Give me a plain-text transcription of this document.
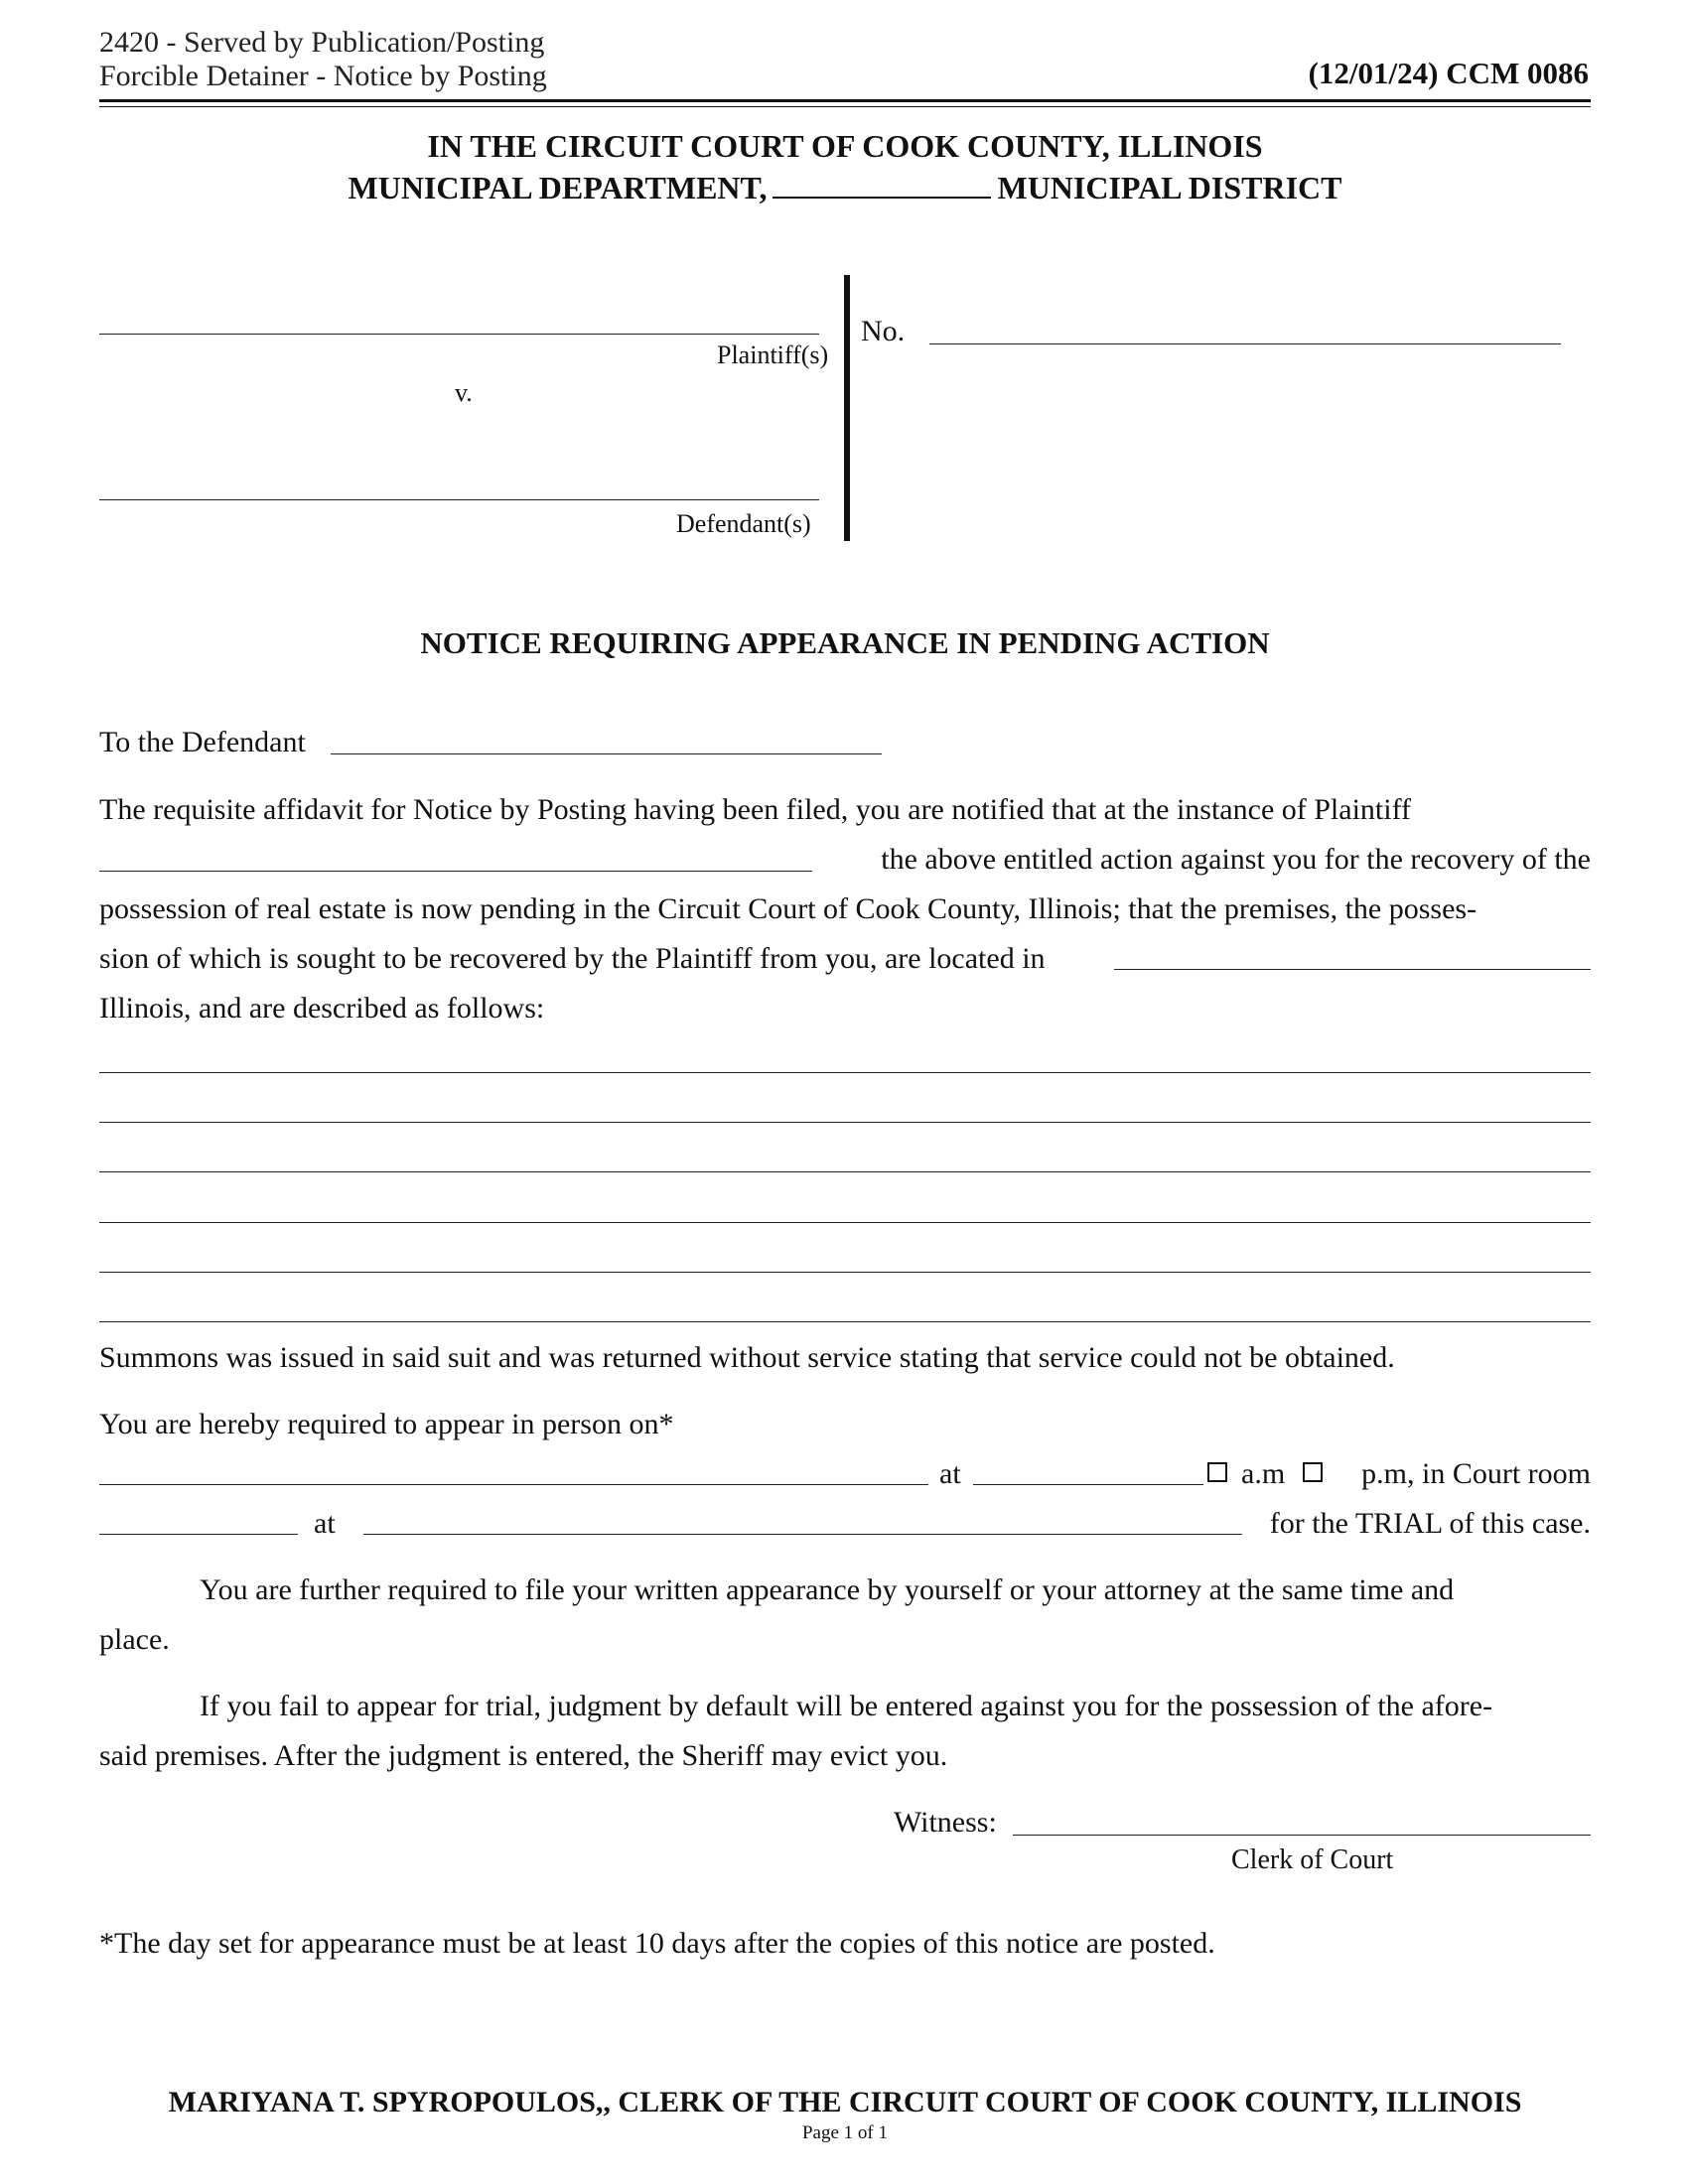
2420 - Served by Publication/Posting
Forcible Detainer - Notice by Posting	(12/01/24) CCM 0086
IN THE CIRCUIT COURT OF COOK COUNTY, ILLINOIS
MUNICIPAL DEPARTMENT,	MUNICIPAL DISTRICT
Plaintiff(s)
v.
Defendant(s)
No.
NOTICE REQUIRING APPEARANCE IN PENDING ACTION
To the Defendant
The requisite affidavit for Notice by Posting having been filed, you are notified that at the instance of Plaintiff
the above entitled action against you for the recovery of the
possession of real estate is now pending in the Circuit Court of Cook County, Illinois; that the premises, the posses-
sion of which is sought to be recovered by the Plaintiff from you, are located in
Illinois, and are described as follows:
Summons was issued in said suit and was returned without service stating that service could not be obtained.
You are hereby required to appear in person on*
at	a.m	p.m, in Court room
at	for the TRIAL of this case.
You are further required to file your written appearance by yourself or your attorney at the same time and
place.
If you fail to appear for trial, judgment by default will be entered against you for the possession of the afore-
said premises. After the judgment is entered, the Sheriff may evict you.
Witness:
Clerk of Court
*The day set for appearance must be at least 10 days after the copies of this notice are posted.
MARIYANA T. SPYROPOULOS,, CLERK OF THE CIRCUIT COURT OF COOK COUNTY, ILLINOIS
Page 1 of 1
